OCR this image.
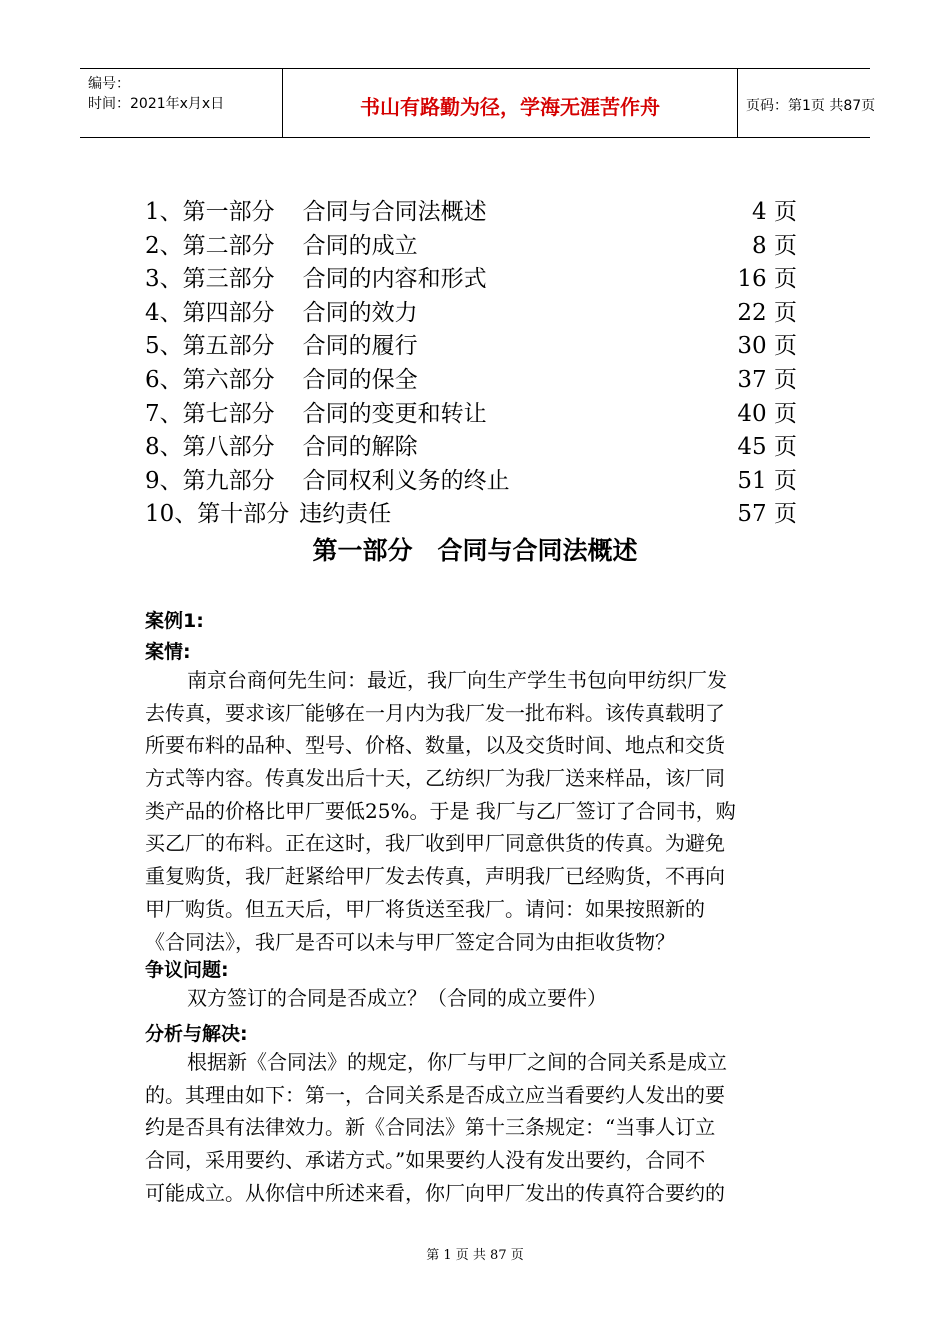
编号：
时间：2021年x月x日	书山有路勤为径，学海无涯苦作舟	页码：第1页 共87页
1、第一部分 合同与合同法概述	4 页
2、第二部分 合同的成立	8 页
3、第三部分 合同的内容和形式	16 页
4、第四部分 合同的效力	22 页
5、第五部分 合同的履行	30 页
6、第六部分 合同的保全	37 页
7、第七部分 合同的变更和转让	40 页
8、第八部分 合同的解除	45 页
9、第九部分 合同权利义务的终止	51 页
10、第十部分 违约责任	57 页
第一部分　合同与合同法概述
案例1:
案情:
南京台商何先生问：最近，我厂向生产学生书包向甲纺织厂发
去传真，要求该厂能够在一月内为我厂发一批布料。该传真载明了
所要布料的品种、型号、价格、数量，以及交货时间、地点和交货
方式等内容。传真发出后十天，乙纺织厂为我厂送来样品，该厂同
类产品的价格比甲厂要低25%。于是 我厂与乙厂签订了合同书，购
买乙厂的布料。正在这时，我厂收到甲厂同意供货的传真。为避免
重复购货，我厂赶紧给甲厂发去传真，声明我厂已经购货，不再向
甲厂购货。但五天后，甲厂将货送至我厂。请问：如果按照新的
《合同法》，我厂是否可以未与甲厂签定合同为由拒收货物？
争议问题:
双方签订的合同是否成立？（合同的成立要件）
分析与解决:
根据新《合同法》的规定，你厂与甲厂之间的合同关系是成立
的。其理由如下：第一，合同关系是否成立应当看要约人发出的要
约是否具有法律效力。新《合同法》第十三条规定：“当事人订立
合同，采用要约、承诺方式。”如果要约人没有发出要约，合同不
可能成立。从你信中所述来看，你厂向甲厂发出的传真符合要约的
第 1 页 共 87 页
